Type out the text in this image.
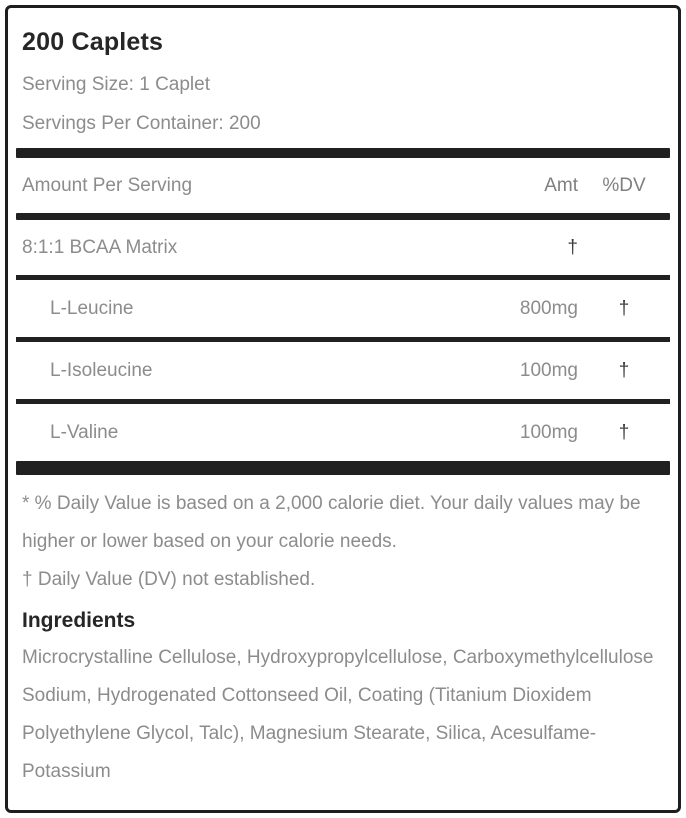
200 Caplets
Serving Size: 1 Caplet
Servings Per Container: 200
Amount Per Serving	Amt	%DV
8:1:1 BCAA Matrix	†
L-Leucine	800mg	†
L-Isoleucine	100mg	†
L-Valine	100mg	†

* % Daily Value is based on a 2,000 calorie diet. Your daily values may be higher or lower based on your calorie needs.

† Daily Value (DV) not established.

Ingredients

Microcrystalline Cellulose, Hydroxypropylcellulose, Carboxymethylcellulose Sodium, Hydrogenated Cottonseed Oil, Coating (Titanium Dioxidem Polyethylene Glycol, Talc), Magnesium Stearate, Silica, Acesulfame-Potassium
